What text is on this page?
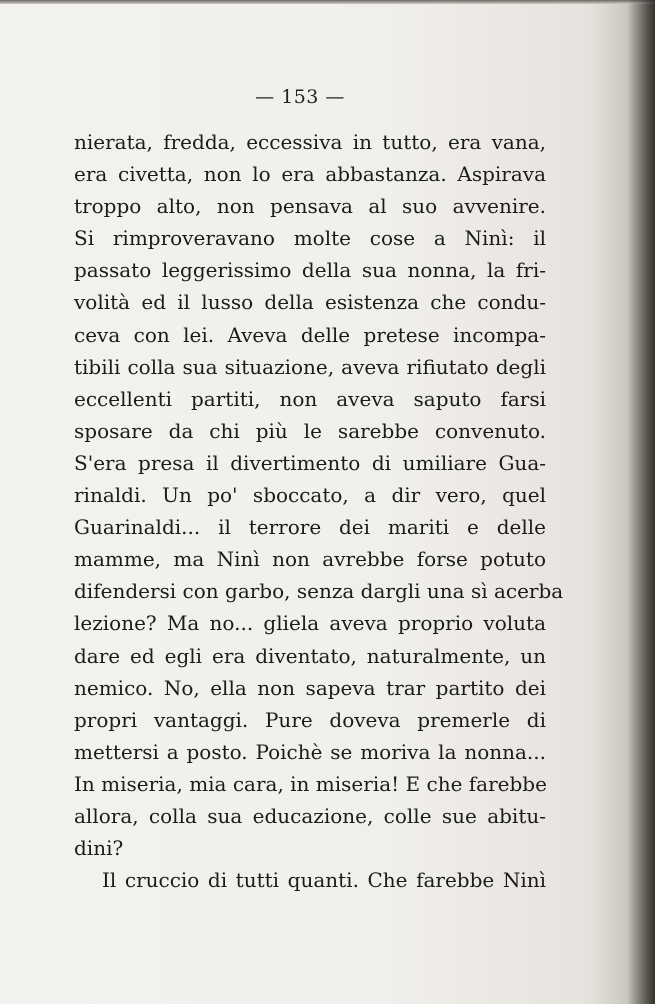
— 153 —
nierata, fredda, eccessiva in tutto, era vana,
era civetta, non lo era abbastanza. Aspirava
troppo alto, non pensava al suo avvenire.
Si rimproveravano molte cose a Ninì: il
passato leggerissimo della sua nonna, la fri-
volità ed il lusso della esistenza che condu-
ceva con lei. Aveva delle pretese incompa-
tibili colla sua situazione, aveva rifiutato degli
eccellenti partiti, non aveva saputo farsi
sposare da chi più le sarebbe convenuto.
S'era presa il divertimento di umiliare Gua-
rinaldi. Un po' sboccato, a dir vero, quel
Guarinaldi... il terrore dei mariti e delle
mamme, ma Ninì non avrebbe forse potuto
difendersi con garbo, senza dargli una sì acerba
lezione? Ma no... gliela aveva proprio voluta
dare ed egli era diventato, naturalmente, un
nemico. No, ella non sapeva trar partito dei
propri vantaggi. Pure doveva premerle di
mettersi a posto. Poichè se moriva la nonna...
In miseria, mia cara, in miseria! E che farebbe
allora, colla sua educazione, colle sue abitu-
dini?
Il cruccio di tutti quanti. Che farebbe Ninì
